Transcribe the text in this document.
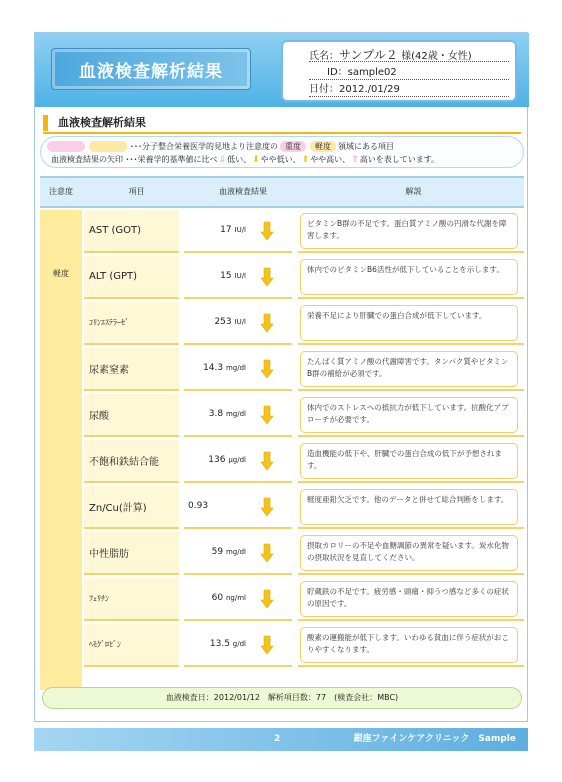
血液検査解析結果
氏名：サンプル２ 様(42歳・女性)
ID：sample02
日付：2012./01/29
血液検査解析結果
･･･分子整合栄養医学的見地より注意度の 重度	軽度 領域にある項目
血液検査結果の矢印 ･･･栄養学的基準値に比べ ⇓ 低い、 ⬇ やや低い、 ⬆ やや高い、 ⇑ 高い を表しています。
注意度	項目	血液検査結果	解説
軽度
AST (GOT)	17 IU/l
ビタミンB群の不足です。蛋白質アミノ酸の円滑な代謝を障害します。
ALT (GPT)	15 IU/l
体内でのビタミンB6活性が低下していることを示します。
ｺﾘﾝｴｽﾃﾗｰｾﾞ	253 IU/l
栄養不足により肝臓での蛋白合成が低下しています。
尿素窒素	14.3 mg/dl
たんぱく質アミノ酸の代謝障害です。タンパク質やビタミンB群の補給が必須です。
尿酸	3.8 mg/dl
体内でのストレスへの抵抗力が低下しています。抗酸化アプローチが必要です。
不飽和鉄結合能	136 μg/dl
造血機能の低下や、肝臓での蛋白合成の低下が予想されます。
Zn/Cu(計算)	0.93
軽度亜鉛欠乏です。他のデータと併せて総合判断をします。
中性脂肪	59 mg/dl
摂取カロリーの不足や血糖調節の異常を疑います。炭水化物の摂取状況を見直してください。
ﾌｪﾘﾁﾝ	60 ng/ml
貯蔵鉄の不足です。疲労感・頭痛・抑うつ感など多くの症状の原因です。
ﾍﾓｸﾞﾛﾋﾞﾝ	13.5 g/dl
酸素の運搬能が低下します。いわゆる貧血に伴う症状がおこりやすくなります。
血液検査日：2012/01/12　解析項目数：77　(検査会社：MBC)
2	銀座ファインケアクリニック　Sample
